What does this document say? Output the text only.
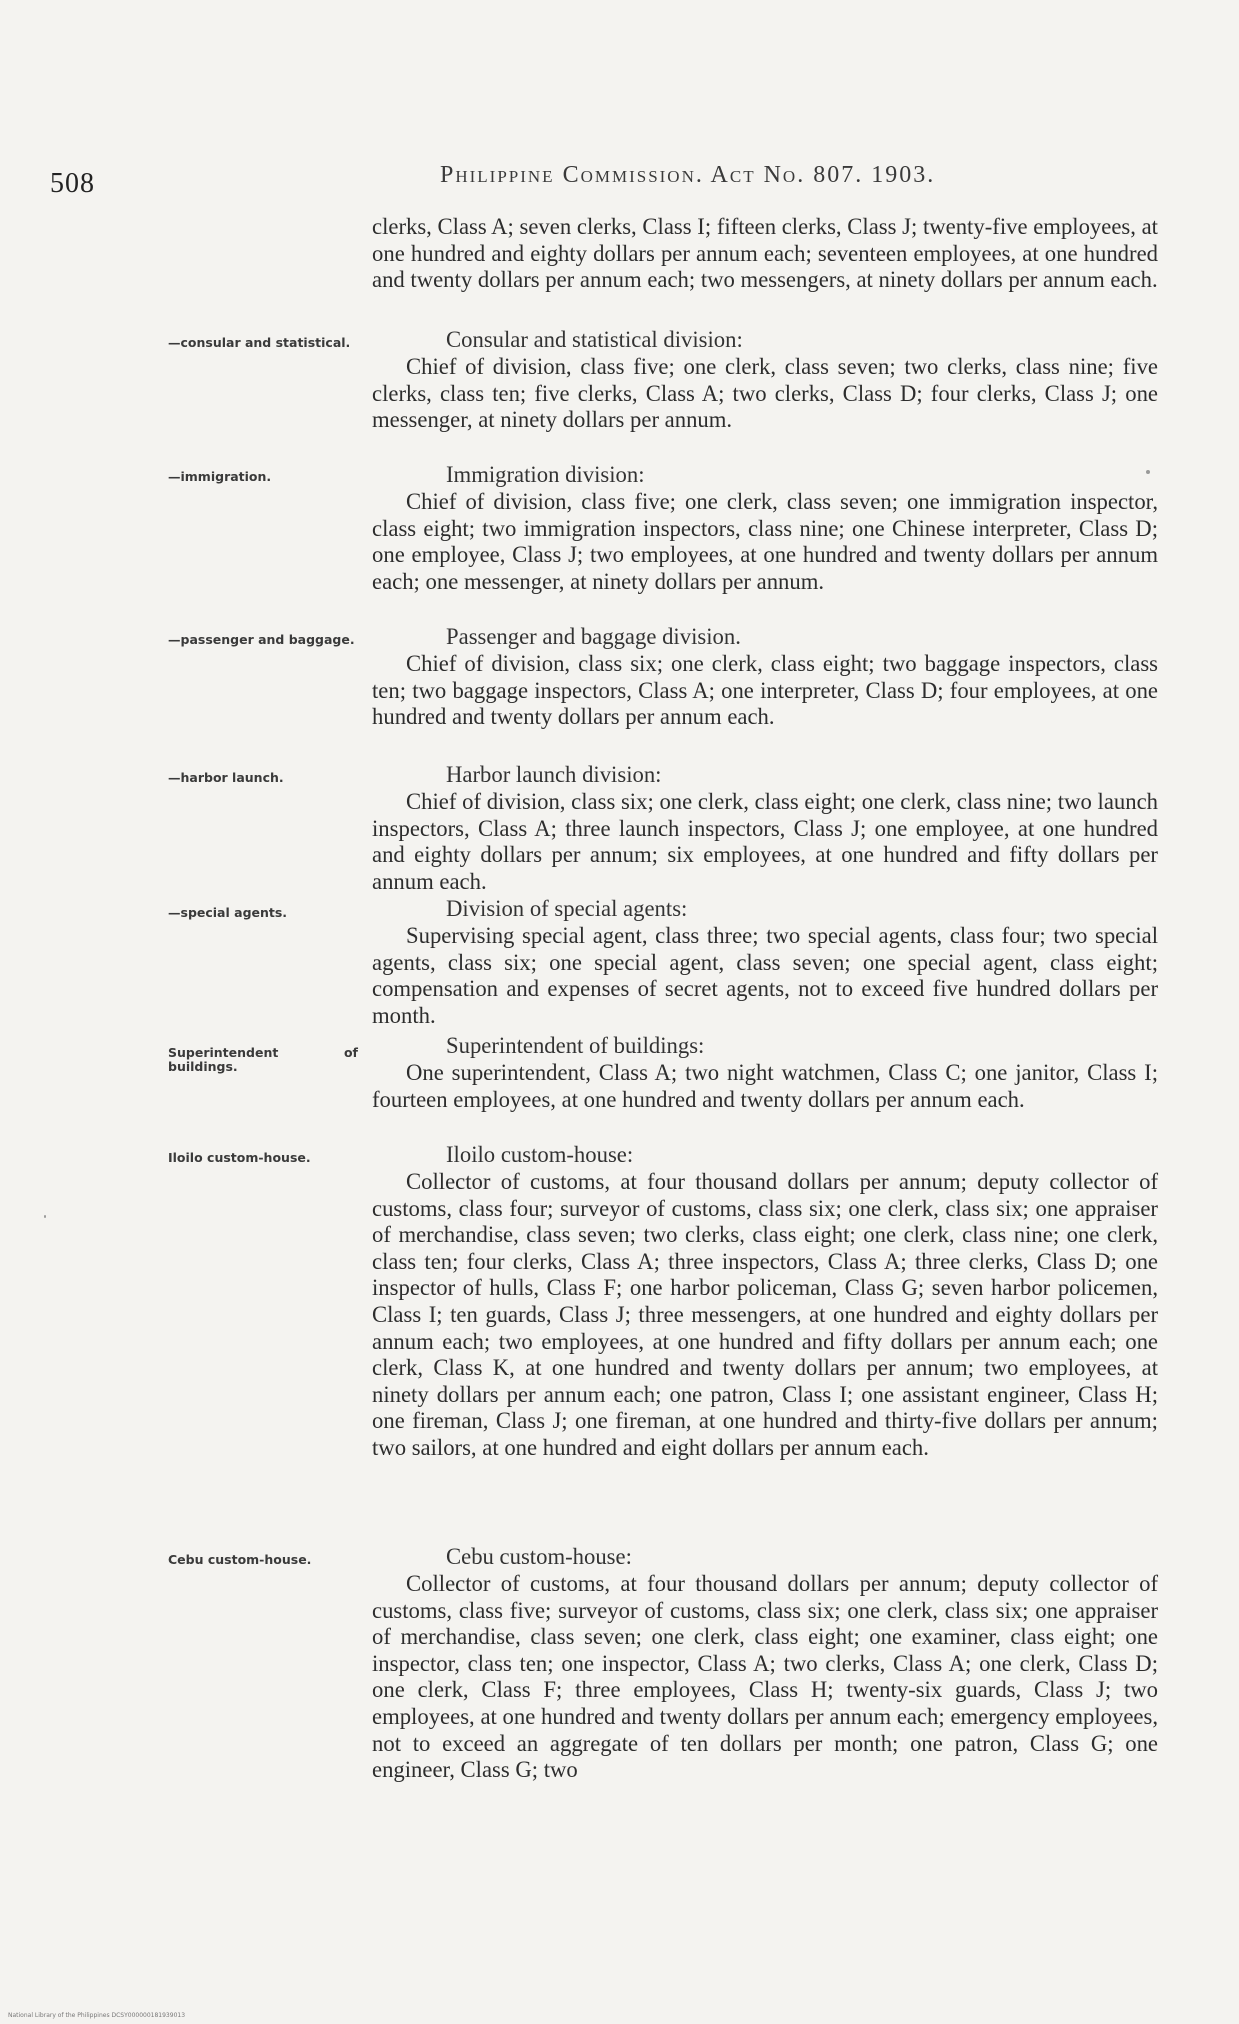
508	Philippine Commission. Act No. 807. 1903.
clerks, Class A; seven clerks, Class I; fifteen clerks, Class J; twenty-five employees, at one hundred and eighty dollars per annum each; seventeen employees, at one hundred and twenty dollars per annum each; two messengers, at ninety dollars per annum each.
—consular and statistical.	Consular and statistical division:
Chief of division, class five; one clerk, class seven; two clerks, class nine; five clerks, class ten; five clerks, Class A; two clerks, Class D; four clerks, Class J; one messenger, at ninety dollars per annum.
—immigration.	Immigration division:
Chief of division, class five; one clerk, class seven; one immigration inspector, class eight; two immigration inspectors, class nine; one Chinese interpreter, Class D; one employee, Class J; two employees, at one hundred and twenty dollars per annum each; one messenger, at ninety dollars per annum.
—passenger and baggage.	Passenger and baggage division.
Chief of division, class six; one clerk, class eight; two baggage inspectors, class ten; two baggage inspectors, Class A; one interpreter, Class D; four employees, at one hundred and twenty dollars per annum each.
—harbor launch.	Harbor launch division:
Chief of division, class six; one clerk, class eight; one clerk, class nine; two launch inspectors, Class A; three launch inspectors, Class J; one employee, at one hundred and eighty dollars per annum; six employees, at one hundred and fifty dollars per annum each.
—special agents.	Division of special agents:
Supervising special agent, class three; two special agents, class four; two special agents, class six; one special agent, class seven; one special agent, class eight; compensation and expenses of secret agents, not to exceed five hundred dollars per month.
Superintendent of buildings.
Superintendent of buildings:
One superintendent, Class A; two night watchmen, Class C; one janitor, Class I; fourteen employees, at one hundred and twenty dollars per annum each.
Iloilo custom-house.	Iloilo custom-house:
Collector of customs, at four thousand dollars per annum; deputy collector of customs, class four; surveyor of customs, class six; one clerk, class six; one appraiser of merchandise, class seven; two clerks, class eight; one clerk, class nine; one clerk, class ten; four clerks, Class A; three inspectors, Class A; three clerks, Class D; one inspector of hulls, Class F; one harbor policeman, Class G; seven harbor policemen, Class I; ten guards, Class J; three messengers, at one hundred and eighty dollars per annum each; two employees, at one hundred and fifty dollars per annum each; one clerk, Class K, at one hundred and twenty dollars per annum; two employees, at ninety dollars per annum each; one patron, Class I; one assistant engineer, Class H; one fireman, Class J; one fireman, at one hundred and thirty-five dollars per annum; two sailors, at one hundred and eight dollars per annum each.
Cebu custom-house.	Cebu custom-house:
Collector of customs, at four thousand dollars per annum; deputy collector of customs, class five; surveyor of customs, class six; one clerk, class six; one appraiser of merchandise, class seven; one clerk, class eight; one examiner, class eight; one inspector, class ten; one inspector, Class A; two clerks, Class A; one clerk, Class D; one clerk, Class F; three employees, Class H; twenty-six guards, Class J; two employees, at one hundred and twenty dollars per annum each; emergency employees, not to exceed an aggregate of ten dollars per month; one patron, Class G; one engineer, Class G; two
National Library of the Philippines DCSY000000181939013
